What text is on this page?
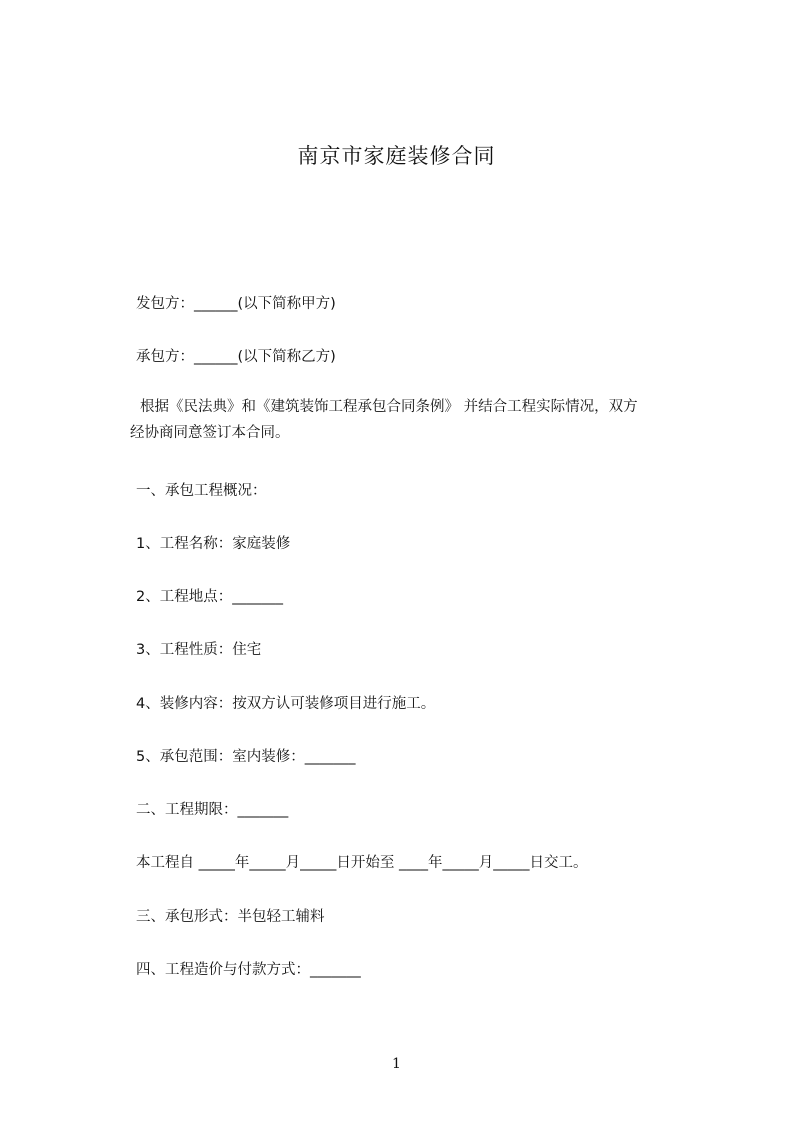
南京市家庭装修合同

发包方：______(以下简称甲方)

承包方：______(以下简称乙方)

根据《民法典》和《建筑装饰工程承包合同条例》 并结合工程实际情况，双方
经协商同意签订本合同。

一、承包工程概况：

1、工程名称：家庭装修

2、工程地点：_______

3、工程性质：住宅

4、装修内容：按双方认可装修项目进行施工。

5、承包范围：室内装修：_______

二、工程期限：_______

本工程自 _____年_____月_____日开始至 ____年_____月_____日交工。

三、承包形式：半包轻工辅料

四、工程造价与付款方式：_______

1
